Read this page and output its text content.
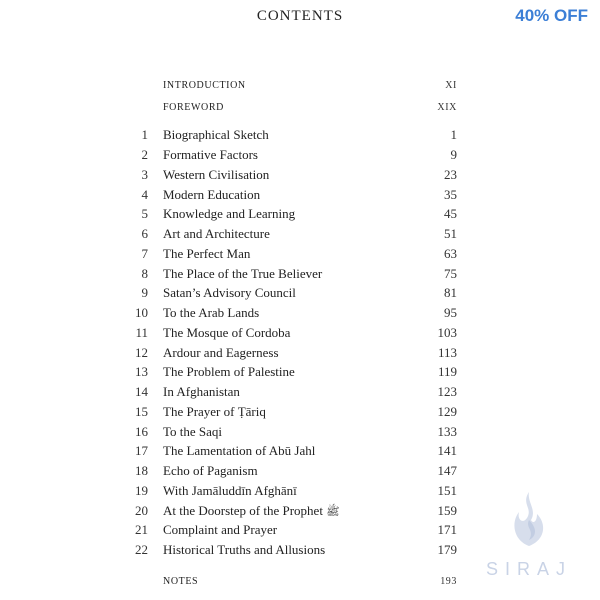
CONTENTS	40% OFF
INTRODUCTION	XI
FOREWORD	XIX
1 Biographical Sketch	1
2 Formative Factors	9
3 Western Civilisation	23
4 Modern Education	35
5 Knowledge and Learning	45
6 Art and Architecture	51
7 The Perfect Man	63
8 The Place of the True Believer	75
9 Satan’s Advisory Council	81
10 To the Arab Lands	95
11 The Mosque of Cordoba	103
12 Ardour and Eagerness	113
13 The Problem of Palestine	119
14 In Afghanistan	123
15 The Prayer of Ṭāriq	129
16 To the Saqi	133
17 The Lamentation of Abū Jahl	141
18 Echo of Paganism	147
19 With Jamāluddīn Afghānī	151
20 At the Doorstep of the Prophet ﷺ	159
21 Complaint and Prayer	171
22 Historical Truths and Allusions	179
NOTES	193
SIRAJ
